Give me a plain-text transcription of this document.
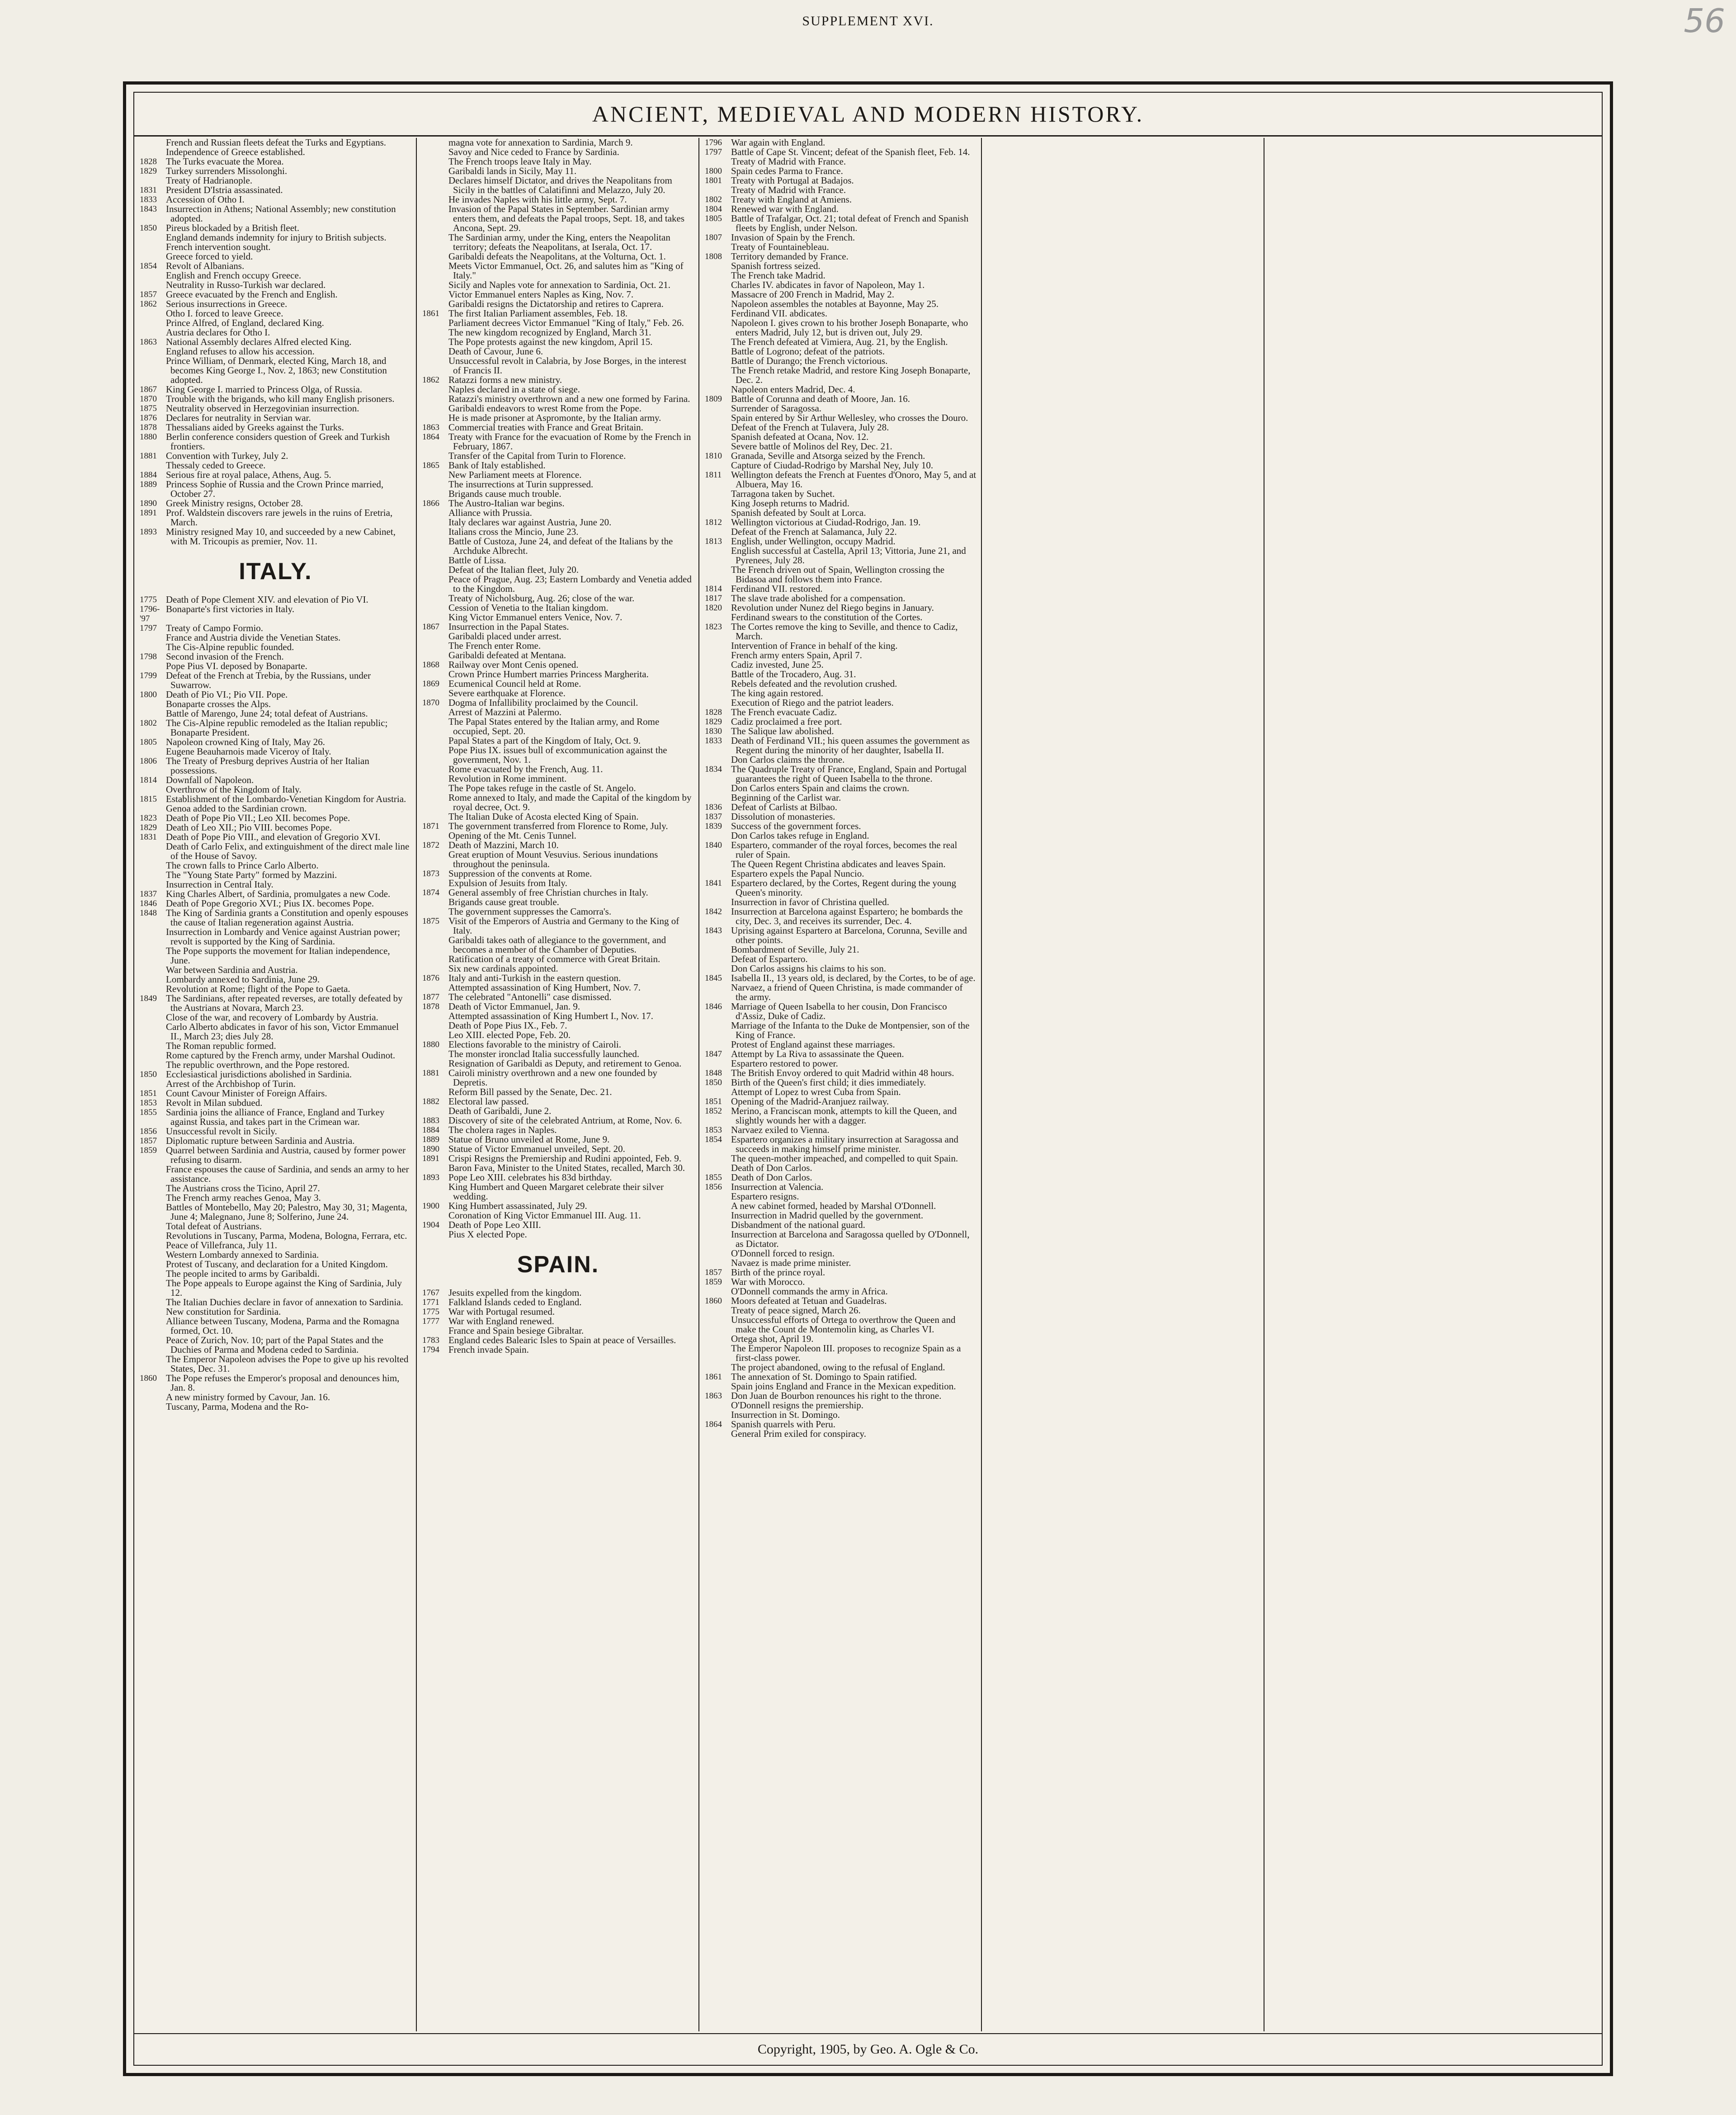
56
SUPPLEMENT XVI.
ANCIENT, MEDIEVAL AND MODERN HISTORY.
French and Russian fleets defeat the Turks and Egyptians.
Independence of Greece established.
1828 The Turks evacuate the Morea.
1829 Turkey surrenders Missolonghi.
Treaty of Hadrianople.
1831 President D'Istria assassinated.
1833 Accession of Otho I.
1843 Insurrection in Athens; National Assembly; new constitution adopted.
1850 Pireus blockaded by a British fleet.
England demands indemnity for injury to British subjects.
French intervention sought.
Greece forced to yield.
1854 Revolt of Albanians.
English and French occupy Greece.
Neutrality in Russo-Turkish war declared.
1857 Greece evacuated by the French and English.
1862 Serious insurrections in Greece.
Otho I. forced to leave Greece.
Prince Alfred, of England, declared King.
Austria declares for Otho I.
1863 National Assembly declares Alfred elected King.
England refuses to allow his accession.
Prince William, of Denmark, elected King, March 18, and becomes King George I., Nov. 2, 1863; new Constitution adopted.
1867 King George I. married to Princess Olga, of Russia.
1870 Trouble with the brigands, who kill many English prisoners.
1875 Neutrality observed in Herzegovinian insurrection.
1876 Declares for neutrality in Servian war.
1878 Thessalians aided by Greeks against the Turks.
1880 Berlin conference considers question of Greek and Turkish frontiers.
1881 Convention with Turkey, July 2.
Thessaly ceded to Greece.
1884 Serious fire at royal palace, Athens, Aug. 5.
1889 Princess Sophie of Russia and the Crown Prince married, October 27.
1890 Greek Ministry resigns, October 28.
1891 Prof. Waldstein discovers rare jewels in the ruins of Eretria, March.
1893 Ministry resigned May 10, and succeeded by a new Cabinet, with M. Tricoupis as premier, Nov. 11.
ITALY.
1775 Death of Pope Clement XIV. and elevation of Pio VI.
1796-'97
Bonaparte's first victories in Italy.
1797 Treaty of Campo Formio.
France and Austria divide the Venetian States.
The Cis-Alpine republic founded.
1798 Second invasion of the French.
Pope Pius VI. deposed by Bonaparte.
1799 Defeat of the French at Trebia, by the Russians, under Suwarrow.
1800 Death of Pio VI.; Pio VII. Pope.
Bonaparte crosses the Alps.
Battle of Marengo, June 24; total defeat of Austrians.
1802 The Cis-Alpine republic remodeled as the Italian republic; Bonaparte President.
1805 Napoleon crowned King of Italy, May 26.
Eugene Beauharnois made Viceroy of Italy.
1806 The Treaty of Presburg deprives Austria of her Italian possessions.
1814 Downfall of Napoleon.
Overthrow of the Kingdom of Italy.
1815 Establishment of the Lombardo-Venetian Kingdom for Austria.
Genoa added to the Sardinian crown.
1823 Death of Pope Pio VII.; Leo XII. becomes Pope.
1829 Death of Leo XII.; Pio VIII. becomes Pope.
1831 Death of Pope Pio VIII., and elevation of Gregorio XVI.
Death of Carlo Felix, and extinguishment of the direct male line of the House of Savoy.
The crown falls to Prince Carlo Alberto.
The "Young State Party" formed by Mazzini.
Insurrection in Central Italy.
1837 King Charles Albert, of Sardinia, promulgates a new Code.
1846 Death of Pope Gregorio XVI.; Pius IX. becomes Pope.
1848 The King of Sardinia grants a Constitution and openly espouses the cause of Italian regeneration against Austria.
Insurrection in Lombardy and Venice against Austrian power; revolt is supported by the King of Sardinia.
The Pope supports the movement for Italian independence, June.
War between Sardinia and Austria.
Lombardy annexed to Sardinia, June 29.
Revolution at Rome; flight of the Pope to Gaeta.
1849 The Sardinians, after repeated reverses, are totally defeated by the Austrians at Novara, March 23.
Close of the war, and recovery of Lombardy by Austria.
Carlo Alberto abdicates in favor of his son, Victor Emmanuel II., March 23; dies July 28.
The Roman republic formed.
Rome captured by the French army, under Marshal Oudinot.
The republic overthrown, and the Pope restored.
1850 Ecclesiastical jurisdictions abolished in Sardinia.
Arrest of the Archbishop of Turin.
1851 Count Cavour Minister of Foreign Affairs.
1853 Revolt in Milan subdued.
1855 Sardinia joins the alliance of France, England and Turkey against Russia, and takes part in the Crimean war.
1856 Unsuccessful revolt in Sicily.
1857 Diplomatic rupture between Sardinia and Austria.
1859 Quarrel between Sardinia and Austria, caused by former power refusing to disarm.
France espouses the cause of Sardinia, and sends an army to her assistance.
The Austrians cross the Ticino, April 27.
The French army reaches Genoa, May 3.
Battles of Montebello, May 20; Palestro, May 30, 31; Magenta, June 4; Malegnano, June 8; Solferino, June 24.
Total defeat of Austrians.
Revolutions in Tuscany, Parma, Modena, Bologna, Ferrara, etc.
Peace of Villefranca, July 11.
Western Lombardy annexed to Sardinia.
Protest of Tuscany, and declaration for a United Kingdom.
The people incited to arms by Garibaldi.
The Pope appeals to Europe against the King of Sardinia, July 12.
The Italian Duchies declare in favor of annexation to Sardinia.
New constitution for Sardinia.
Alliance between Tuscany, Modena, Parma and the Romagna formed, Oct. 10.
Peace of Zurich, Nov. 10; part of the Papal States and the Duchies of Parma and Modena ceded to Sardinia.
The Emperor Napoleon advises the Pope to give up his revolted States, Dec. 31.
1860 The Pope refuses the Emperor's proposal and denounces him, Jan. 8.
A new ministry formed by Cavour, Jan. 16.
Tuscany, Parma, Modena and the Ro-
magna vote for annexation to Sardinia, March 9.
Savoy and Nice ceded to France by Sardinia.
The French troops leave Italy in May.
Garibaldi lands in Sicily, May 11.
Declares himself Dictator, and drives the Neapolitans from Sicily in the battles of Calatifinni and Melazzo, July 20.
He invades Naples with his little army, Sept. 7.
Invasion of the Papal States in September. Sardinian army enters them, and defeats the Papal troops, Sept. 18, and takes Ancona, Sept. 29.
The Sardinian army, under the King, enters the Neapolitan territory; defeats the Neapolitans, at Iserala, Oct. 17.
Garibaldi defeats the Neapolitans, at the Volturna, Oct. 1.
Meets Victor Emmanuel, Oct. 26, and salutes him as "King of Italy."
Sicily and Naples vote for annexation to Sardinia, Oct. 21.
Victor Emmanuel enters Naples as King, Nov. 7.
Garibaldi resigns the Dictatorship and retires to Caprera.
1861 The first Italian Parliament assembles, Feb. 18.
Parliament decrees Victor Emmanuel "King of Italy," Feb. 26.
The new kingdom recognized by England, March 31.
The Pope protests against the new kingdom, April 15.
Death of Cavour, June 6.
Unsuccessful revolt in Calabria, by Jose Borges, in the interest of Francis II.
1862 Ratazzi forms a new ministry.
Naples declared in a state of siege.
Ratazzi's ministry overthrown and a new one formed by Farina.
Garibaldi endeavors to wrest Rome from the Pope.
He is made prisoner at Aspromonte, by the Italian army.
1863 Commercial treaties with France and Great Britain.
1864 Treaty with France for the evacuation of Rome by the French in February, 1867.
Transfer of the Capital from Turin to Florence.
1865 Bank of Italy established.
New Parliament meets at Florence.
The insurrections at Turin suppressed.
Brigands cause much trouble.
1866 The Austro-Italian war begins.
Alliance with Prussia.
Italy declares war against Austria, June 20.
Italians cross the Mincio, June 23.
Battle of Custoza, June 24, and defeat of the Italians by the Archduke Albrecht.
Battle of Lissa.
Defeat of the Italian fleet, July 20.
Peace of Prague, Aug. 23; Eastern Lombardy and Venetia added to the Kingdom.
Treaty of Nicholsburg, Aug. 26; close of the war.
Cession of Venetia to the Italian kingdom.
King Victor Emmanuel enters Venice, Nov. 7.
1867 Insurrection in the Papal States.
Garibaldi placed under arrest.
The French enter Rome.
Garibaldi defeated at Mentana.
1868 Railway over Mont Cenis opened.
Crown Prince Humbert marries Princess Margherita.
1869 Ecumenical Council held at Rome.
Severe earthquake at Florence.
1870 Dogma of Infallibility proclaimed by the Council.
Arrest of Mazzini at Palermo.
The Papal States entered by the Italian army, and Rome occupied, Sept. 20.
Papal States a part of the Kingdom of Italy, Oct. 9.
Pope Pius IX. issues bull of excommunication against the government, Nov. 1.
Rome evacuated by the French, Aug. 11.
Revolution in Rome imminent.
The Pope takes refuge in the castle of St. Angelo.
Rome annexed to Italy, and made the Capital of the kingdom by royal decree, Oct. 9.
The Italian Duke of Acosta elected King of Spain.
1871 The government transferred from Florence to Rome, July.
Opening of the Mt. Cenis Tunnel.
1872 Death of Mazzini, March 10.
Great eruption of Mount Vesuvius. Serious inundations throughout the peninsula.
1873 Suppression of the convents at Rome.
Expulsion of Jesuits from Italy.
1874 General assembly of free Christian churches in Italy.
Brigands cause great trouble.
The government suppresses the Camorra's.
1875 Visit of the Emperors of Austria and Germany to the King of Italy.
Garibaldi takes oath of allegiance to the government, and becomes a member of the Chamber of Deputies.
Ratification of a treaty of commerce with Great Britain.
Six new cardinals appointed.
1876 Italy and anti-Turkish in the eastern question.
Attempted assassination of King Humbert, Nov. 7.
1877 The celebrated "Antonelli" case dismissed.
1878 Death of Victor Emmanuel, Jan. 9.
Attempted assassination of King Humbert I., Nov. 17.
Death of Pope Pius IX., Feb. 7.
Leo XIII. elected Pope, Feb. 20.
1880 Elections favorable to the ministry of Cairoli.
The monster ironclad Italia successfully launched.
Resignation of Garibaldi as Deputy, and retirement to Genoa.
1881 Cairoli ministry overthrown and a new one founded by Depretis.
Reform Bill passed by the Senate, Dec. 21.
1882 Electoral law passed.
Death of Garibaldi, June 2.
1883 Discovery of site of the celebrated Antrium, at Rome, Nov. 6.
1884 The cholera rages in Naples.
1889 Statue of Bruno unveiled at Rome, June 9.
1890 Statue of Victor Emmanuel unveiled, Sept. 20.
1891 Crispi Resigns the Premiership and Rudini appointed, Feb. 9.
Baron Fava, Minister to the United States, recalled, March 30.
1893 Pope Leo XIII. celebrates his 83d birthday.
King Humbert and Queen Margaret celebrate their silver wedding.
1900 King Humbert assassinated, July 29.
Coronation of King Victor Emmanuel III. Aug. 11.
1904 Death of Pope Leo XIII.
Pius X elected Pope.
SPAIN.
1767 Jesuits expelled from the kingdom.
1771 Falkland Islands ceded to England.
1775 War with Portugal resumed.
1777 War with England renewed.
France and Spain besiege Gibraltar.
1783 England cedes Balearic Isles to Spain at peace of Versailles.
1794 French invade Spain.
1796 War again with England.
1797 Battle of Cape St. Vincent; defeat of the Spanish fleet, Feb. 14.
Treaty of Madrid with France.
1800 Spain cedes Parma to France.
1801 Treaty with Portugal at Badajos.
Treaty of Madrid with France.
1802 Treaty with England at Amiens.
1804 Renewed war with England.
1805 Battle of Trafalgar, Oct. 21; total defeat of French and Spanish fleets by English, under Nelson.
1807 Invasion of Spain by the French.
Treaty of Fountainebleau.
1808 Territory demanded by France.
Spanish fortress seized.
The French take Madrid.
Charles IV. abdicates in favor of Napoleon, May 1.
Massacre of 200 French in Madrid, May 2.
Napoleon assembles the notables at Bayonne, May 25.
Ferdinand VII. abdicates.
Napoleon I. gives crown to his brother Joseph Bonaparte, who enters Madrid, July 12, but is driven out, July 29.
The French defeated at Vimiera, Aug. 21, by the English.
Battle of Logrono; defeat of the patriots.
Battle of Durango; the French victorious.
The French retake Madrid, and restore King Joseph Bonaparte, Dec. 2.
Napoleon enters Madrid, Dec. 4.
1809 Battle of Corunna and death of Moore, Jan. 16.
Surrender of Saragossa.
Spain entered by Sir Arthur Wellesley, who crosses the Douro.
Defeat of the French at Tulavera, July 28.
Spanish defeated at Ocana, Nov. 12.
Severe battle of Molinos del Rey, Dec. 21.
1810 Granada, Seville and Atsorga seized by the French.
Capture of Ciudad-Rodrigo by Marshal Ney, July 10.
1811 Wellington defeats the French at Fuentes d'Onoro, May 5, and at Albuera, May 16.
Tarragona taken by Suchet.
King Joseph returns to Madrid.
Spanish defeated by Soult at Lorca.
1812 Wellington victorious at Ciudad-Rodrigo, Jan. 19.
Defeat of the French at Salamanca, July 22.
1813 English, under Wellington, occupy Madrid.
English successful at Castella, April 13; Vittoria, June 21, and Pyrenees, July 28.
The French driven out of Spain, Wellington crossing the Bidasoa and follows them into France.
1814 Ferdinand VII. restored.
1817 The slave trade abolished for a compensation.
1820 Revolution under Nunez del Riego begins in January.
Ferdinand swears to the constitution of the Cortes.
1823 The Cortes remove the king to Seville, and thence to Cadiz, March.
Intervention of France in behalf of the king.
French army enters Spain, April 7.
Cadiz invested, June 25.
Battle of the Trocadero, Aug. 31.
Rebels defeated and the revolution crushed.
The king again restored.
Execution of Riego and the patriot leaders.
1828 The French evacuate Cadiz.
1829 Cadiz proclaimed a free port.
1830 The Salique law abolished.
1833 Death of Ferdinand VII.; his queen assumes the government as Regent during the minority of her daughter, Isabella II.
Don Carlos claims the throne.
1834 The Quadruple Treaty of France, England, Spain and Portugal guarantees the right of Queen Isabella to the throne.
Don Carlos enters Spain and claims the crown.
Beginning of the Carlist war.
1836 Defeat of Carlists at Bilbao.
1837 Dissolution of monasteries.
1839 Success of the government forces.
Don Carlos takes refuge in England.
1840 Espartero, commander of the royal forces, becomes the real ruler of Spain.
The Queen Regent Christina abdicates and leaves Spain.
Espartero expels the Papal Nuncio.
1841 Espartero declared, by the Cortes, Regent during the young Queen's minority.
Insurrection in favor of Christina quelled.
1842 Insurrection at Barcelona against Espartero; he bombards the city, Dec. 3, and receives its surrender, Dec. 4.
1843 Uprising against Espartero at Barcelona, Corunna, Seville and other points.
Bombardment of Seville, July 21.
Defeat of Espartero.
Don Carlos assigns his claims to his son.
1845 Isabella II., 13 years old, is declared, by the Cortes, to be of age.
Narvaez, a friend of Queen Christina, is made commander of the army.
1846 Marriage of Queen Isabella to her cousin, Don Francisco d'Assiz, Duke of Cadiz.
Marriage of the Infanta to the Duke de Montpensier, son of the King of France.
Protest of England against these marriages.
1847 Attempt by La Riva to assassinate the Queen.
Espartero restored to power.
1848 The British Envoy ordered to quit Madrid within 48 hours.
1850 Birth of the Queen's first child; it dies immediately.
Attempt of Lopez to wrest Cuba from Spain.
1851 Opening of the Madrid-Aranjuez railway.
1852 Merino, a Franciscan monk, attempts to kill the Queen, and slightly wounds her with a dagger.
1853 Narvaez exiled to Vienna.
1854 Espartero organizes a military insurrection at Saragossa and succeeds in making himself prime minister.
The queen-mother impeached, and compelled to quit Spain.
Death of Don Carlos.
1855 Death of Don Carlos.
1856 Insurrection at Valencia.
Espartero resigns.
A new cabinet formed, headed by Marshal O'Donnell.
Insurrection in Madrid quelled by the government.
Disbandment of the national guard.
Insurrection at Barcelona and Saragossa quelled by O'Donnell, as Dictator.
O'Donnell forced to resign.
Navaez is made prime minister.
1857 Birth of the prince royal.
1859 War with Morocco.
O'Donnell commands the army in Africa.
1860 Moors defeated at Tetuan and Guadelras.
Treaty of peace signed, March 26.
Unsuccessful efforts of Ortega to overthrow the Queen and make the Count de Montemolin king, as Charles VI.
Ortega shot, April 19.
The Emperor Napoleon III. proposes to recognize Spain as a first-class power.
The project abandoned, owing to the refusal of England.
1861 The annexation of St. Domingo to Spain ratified.
Spain joins England and France in the Mexican expedition.
1863 Don Juan de Bourbon renounces his right to the throne.
O'Donnell resigns the premiership.
Insurrection in St. Domingo.
1864 Spanish quarrels with Peru.
General Prim exiled for conspiracy.
Copyright, 1905, by Geo. A. Ogle & Co.
